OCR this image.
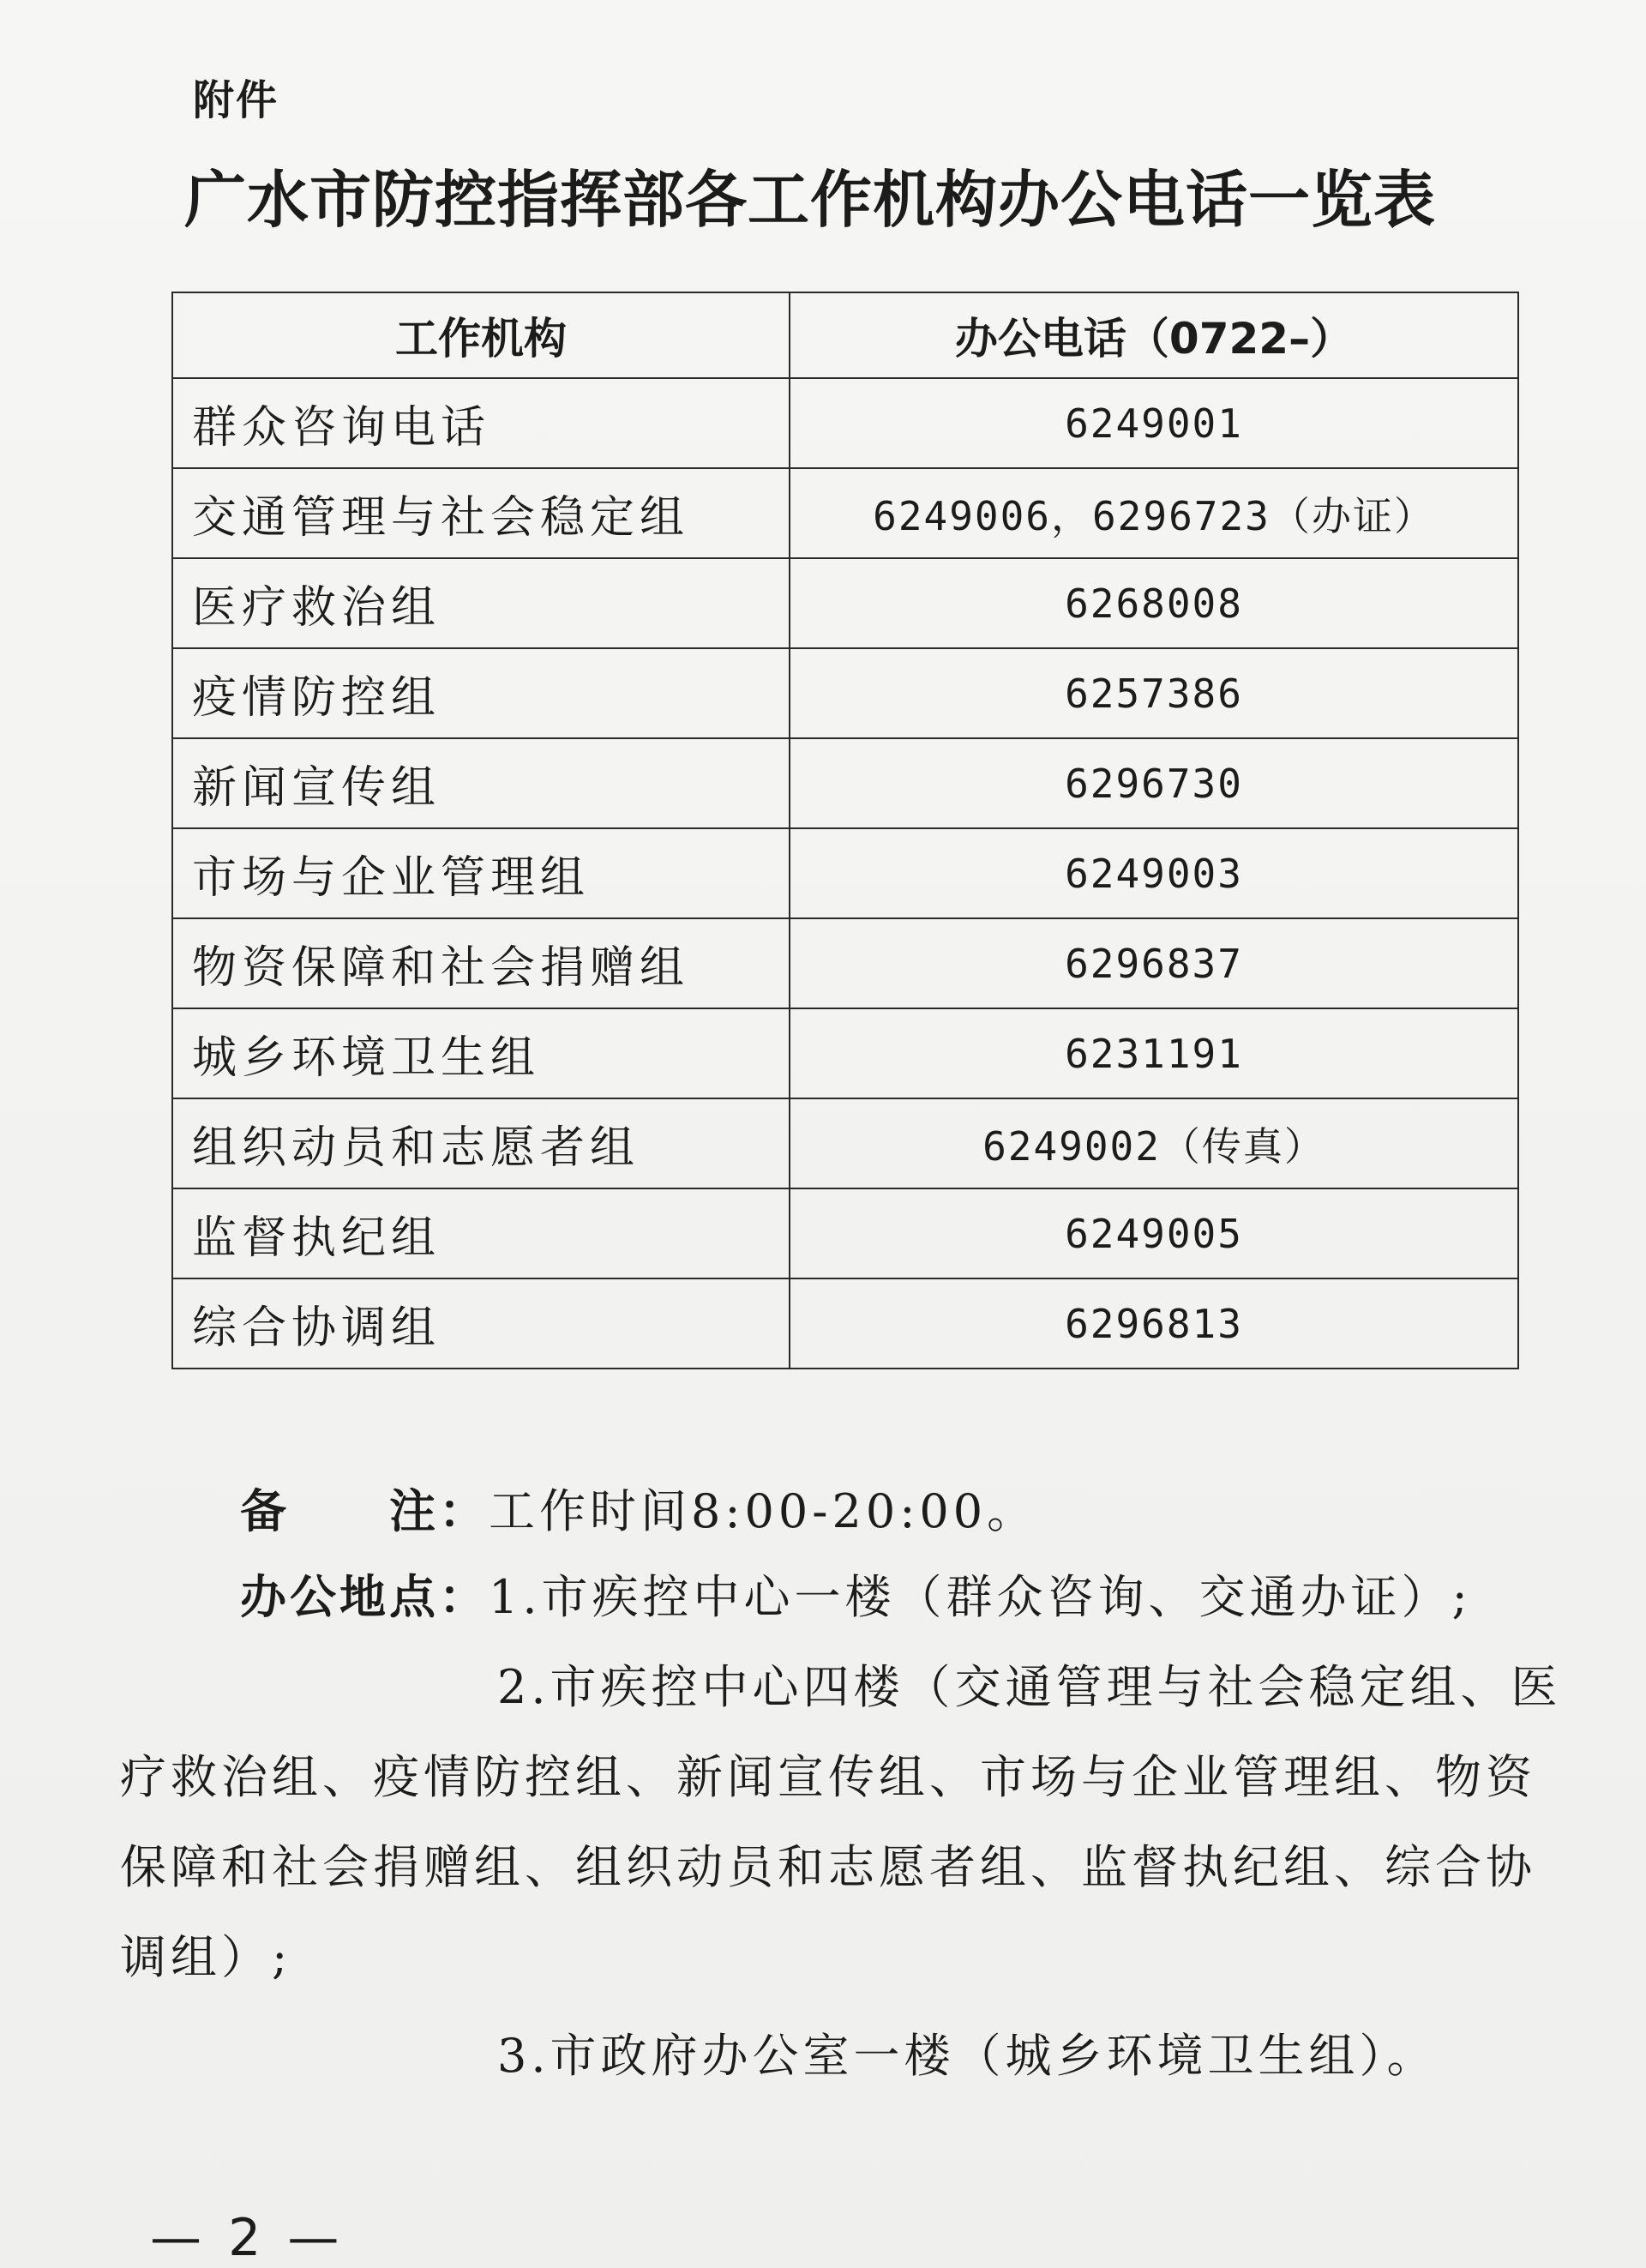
附件
广水市防控指挥部各工作机构办公电话一览表
工作机构	办公电话（0722–）
群众咨询电话	6249001
交通管理与社会稳定组	6249006，6296723（办证）
医疗救治组	6268008
疫情防控组	6257386
新闻宣传组	6296730
市场与企业管理组	6249003
物资保障和社会捐赠组	6296837
城乡环境卫生组	6231191
组织动员和志愿者组	6249002（传真）
监督执纪组	6249005
综合协调组	6296813
备　　注：工作时间8:00-20:00。
办公地点：1.市疾控中心一楼（群众咨询、交通办证）;
2.市疾控中心四楼（交通管理与社会稳定组、医
疗救治组、疫情防控组、新闻宣传组、市场与企业管理组、物资
保障和社会捐赠组、组织动员和志愿者组、监督执纪组、综合协
调组）;
3.市政府办公室一楼（城乡环境卫生组）。
— 2 —
